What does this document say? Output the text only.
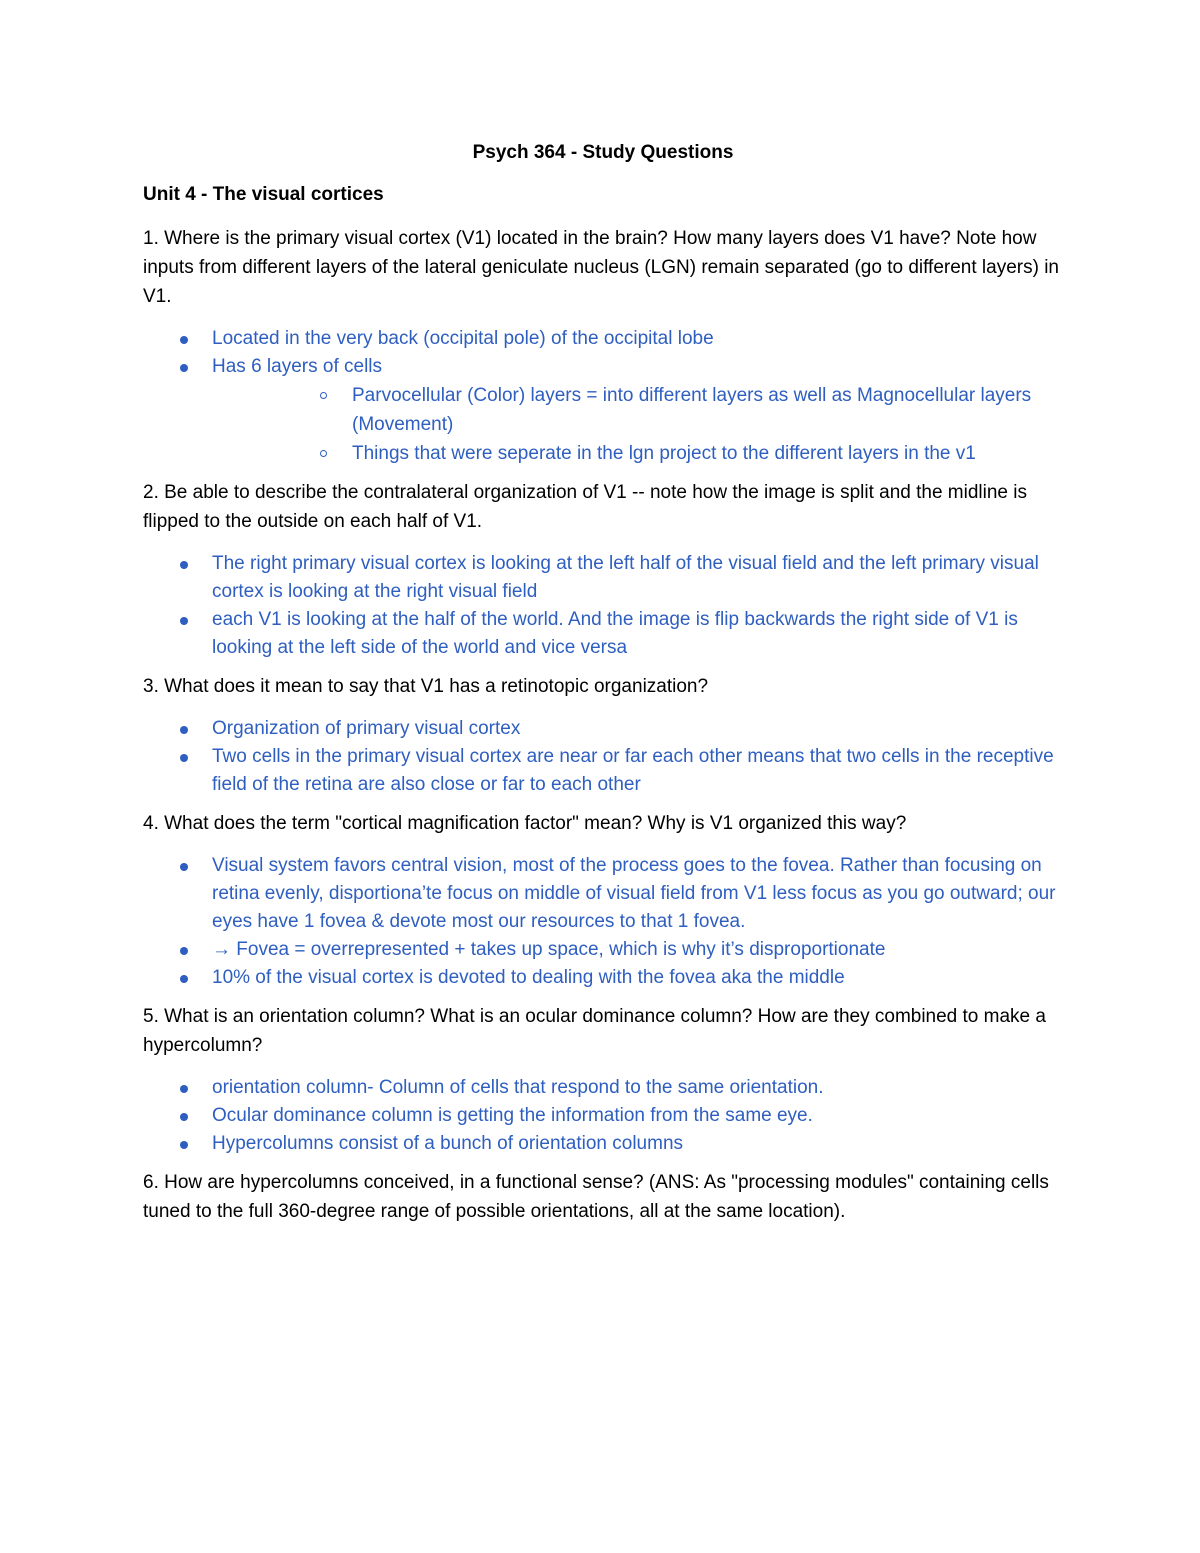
Psych 364 - Study Questions
Unit 4 - The visual cortices
1. Where is the primary visual cortex (V1) located in the brain? How many layers does V1 have? Note how inputs from different layers of the lateral geniculate nucleus (LGN) remain separated (go to different layers) in V1.
Located in the very back (occipital pole) of the occipital lobe
Has 6 layers of cells
Parvocellular (Color) layers = into different layers as well as Magnocellular layers (Movement)
Things that were seperate in the lgn project to the different layers in the v1
2. Be able to describe the contralateral organization of V1 -- note how the image is split and the midline is flipped to the outside on each half of V1.
The right primary visual cortex is looking at the left half of the visual field and the left primary visual cortex is looking at the right visual field
each V1 is looking at the half of the world. And the image is flip backwards the right side of V1 is looking at the left side of the world and vice versa
3. What does it mean to say that V1 has a retinotopic organization?
Organization of primary visual cortex
Two cells in the primary visual cortex are near or far each other means that two cells in the receptive field of the retina are also close or far to each other
4. What does the term "cortical magnification factor" mean? Why is V1 organized this way?
Visual system favors central vision, most of the process goes to the fovea. Rather than focusing on retina evenly, disportiona’te focus on middle of visual field from V1 less focus as you go outward; our eyes have 1 fovea & devote most our resources to that 1 fovea.
→ Fovea = overrepresented + takes up space, which is why it’s disproportionate
10% of the visual cortex is devoted to dealing with the fovea aka the middle
5. What is an orientation column? What is an ocular dominance column? How are they combined to make a hypercolumn?
orientation column- Column of cells that respond to the same orientation.
Ocular dominance column is getting the information from the same eye.
Hypercolumns consist of a bunch of orientation columns
6. How are hypercolumns conceived, in a functional sense? (ANS: As "processing modules" containing cells tuned to the full 360-degree range of possible orientations, all at the same location).
